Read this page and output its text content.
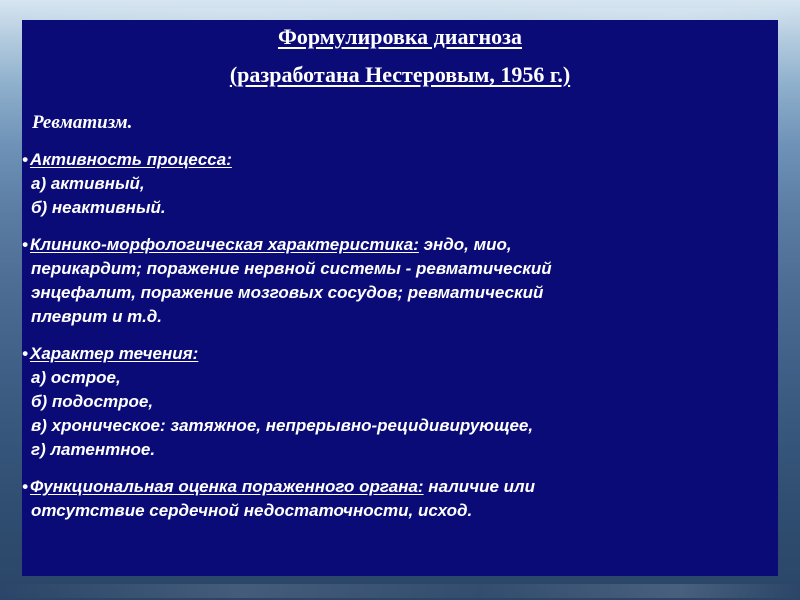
Формулировка диагноза
(разработана Нестеровым, 1956 г.)

Ревматизм.

• Активность процесса:
а) активный,
б) неактивный.
• Клинико-морфологическая характеристика: эндо, мио,
перикардит; поражение нервной системы - ревматический
энцефалит, поражение мозговых сосудов; ревматический
плеврит и т.д.
• Характер течения:
а) острое,
б) подострое,
в) хроническое: затяжное, непрерывно-рецидивирующее,
г) латентное.
• Функциональная оценка пораженного органа: наличие или
отсутствие сердечной недостаточности, исход.
